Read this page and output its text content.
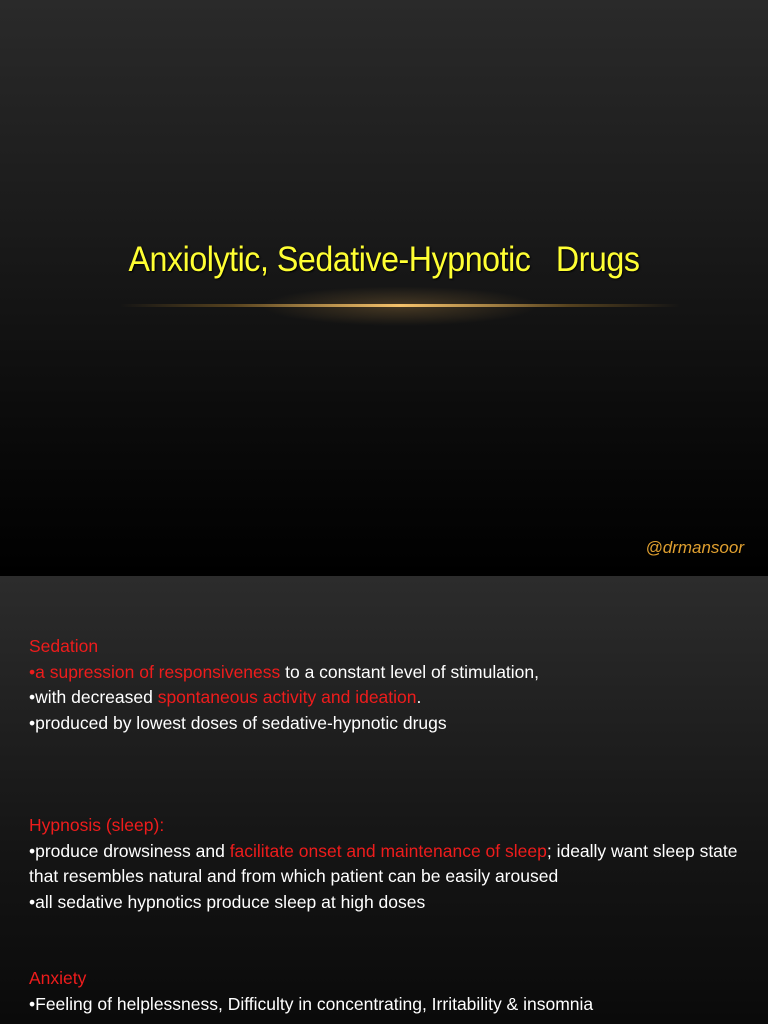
Anxiolytic, Sedative-Hypnotic   Drugs
@drmansoor

Sedation

•a supression of responsiveness to a constant level of stimulation,

•with decreased spontaneous activity and ideation.

•produced by lowest doses of sedative-hypnotic drugs

Hypnosis (sleep):

•produce drowsiness and facilitate onset and maintenance of sleep; ideally want sleep state that resembles natural and from which patient can be easily aroused

•all sedative hypnotics produce sleep at high doses

Anxiety

•Feeling of helplessness, Difficulty in concentrating, Irritability & insomnia
